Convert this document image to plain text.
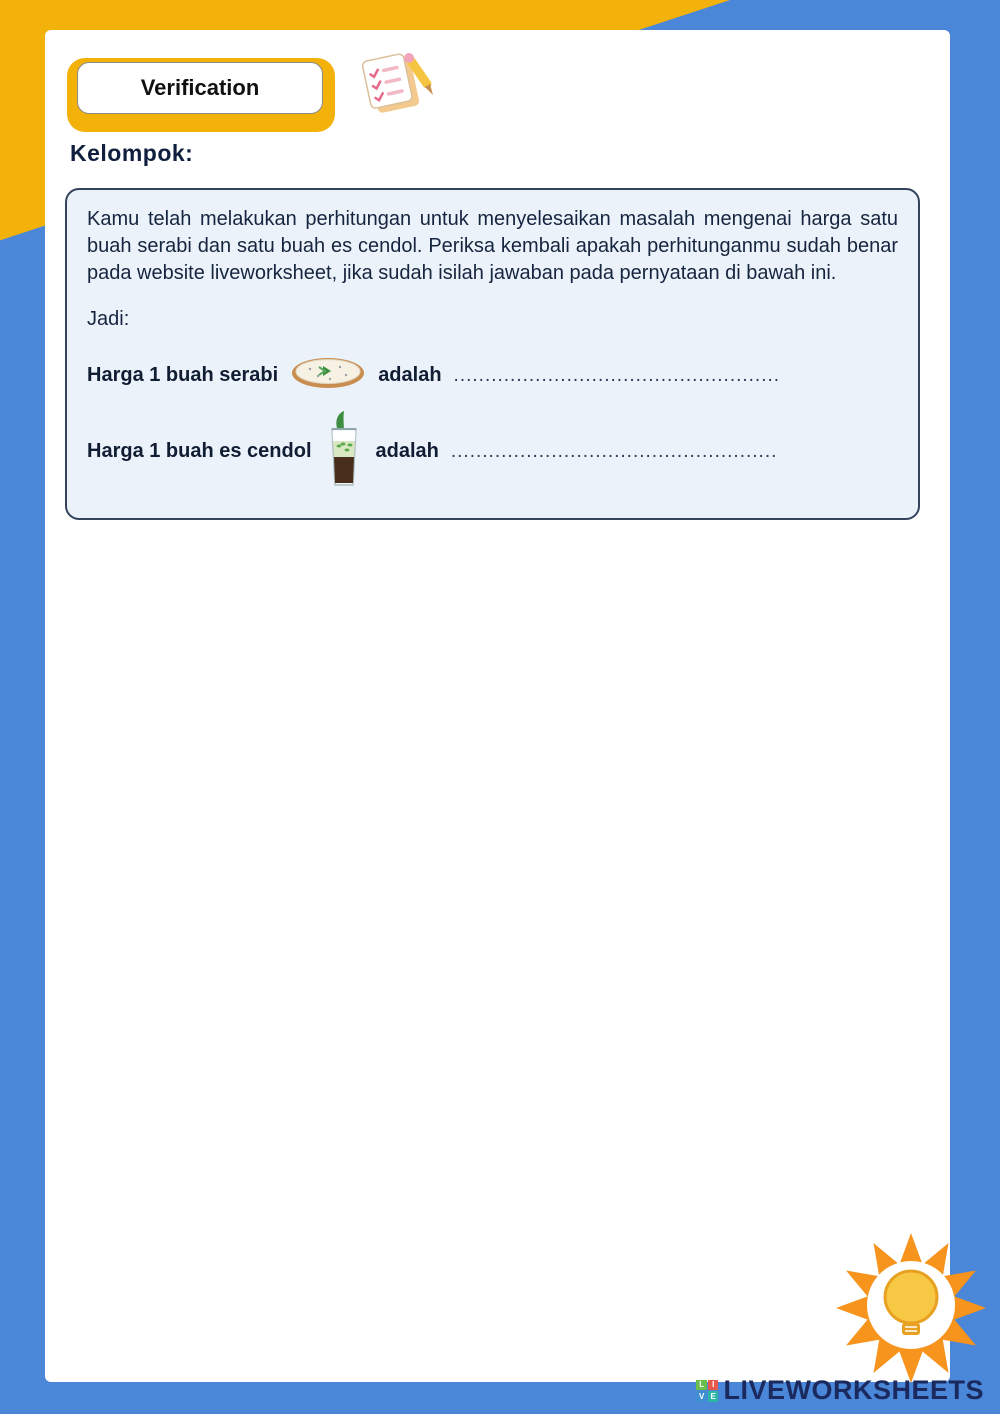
Verification
Kelompok:
Kamu telah melakukan perhitungan untuk menyelesaikan masalah mengenai harga satu buah serabi dan satu buah es cendol. Periksa kembali apakah perhitunganmu sudah benar pada website liveworksheet, jika sudah isilah jawaban pada pernyataan di bawah ini.
Jadi:
Harga 1 buah serabi	adalah ....................................................
Harga 1 buah es cendol	adalah ....................................................
L I
V E LIVEWORKSHEETS
